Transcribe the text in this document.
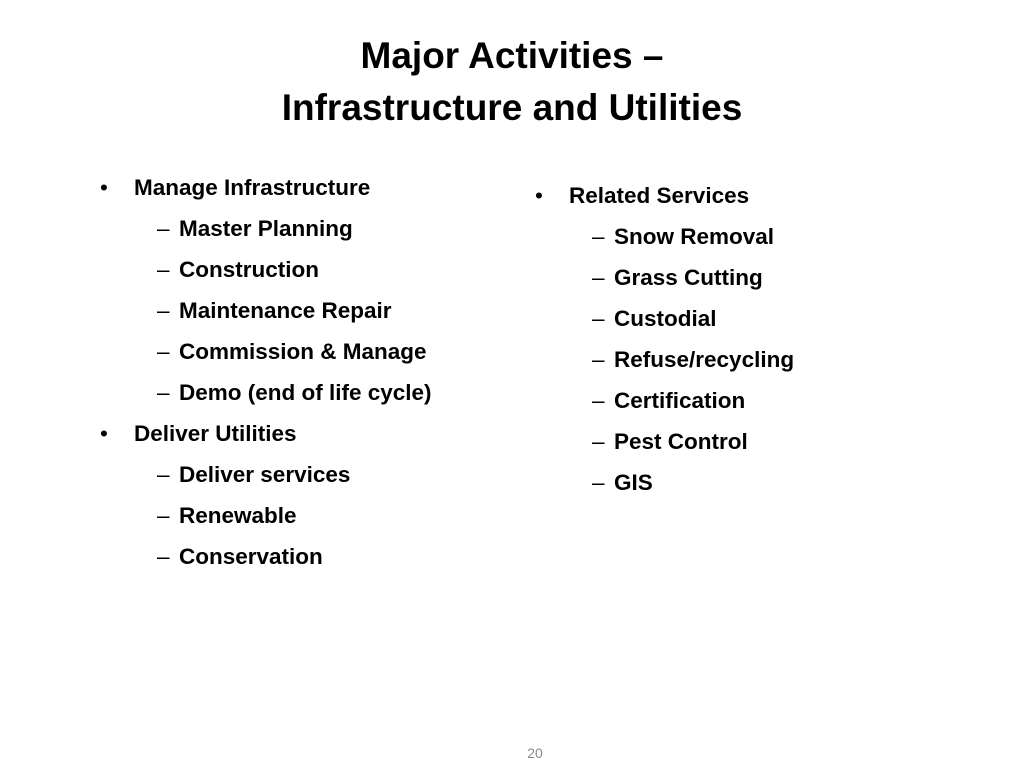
Major Activities –
Infrastructure and Utilities
• Manage Infrastructure
– Master Planning
– Construction
– Maintenance Repair
– Commission & Manage
– Demo (end of life cycle)
• Deliver Utilities
– Deliver services
– Renewable
– Conservation
• Related Services
– Snow Removal
– Grass Cutting
– Custodial
– Refuse/recycling
– Certification
– Pest Control
– GIS
20
